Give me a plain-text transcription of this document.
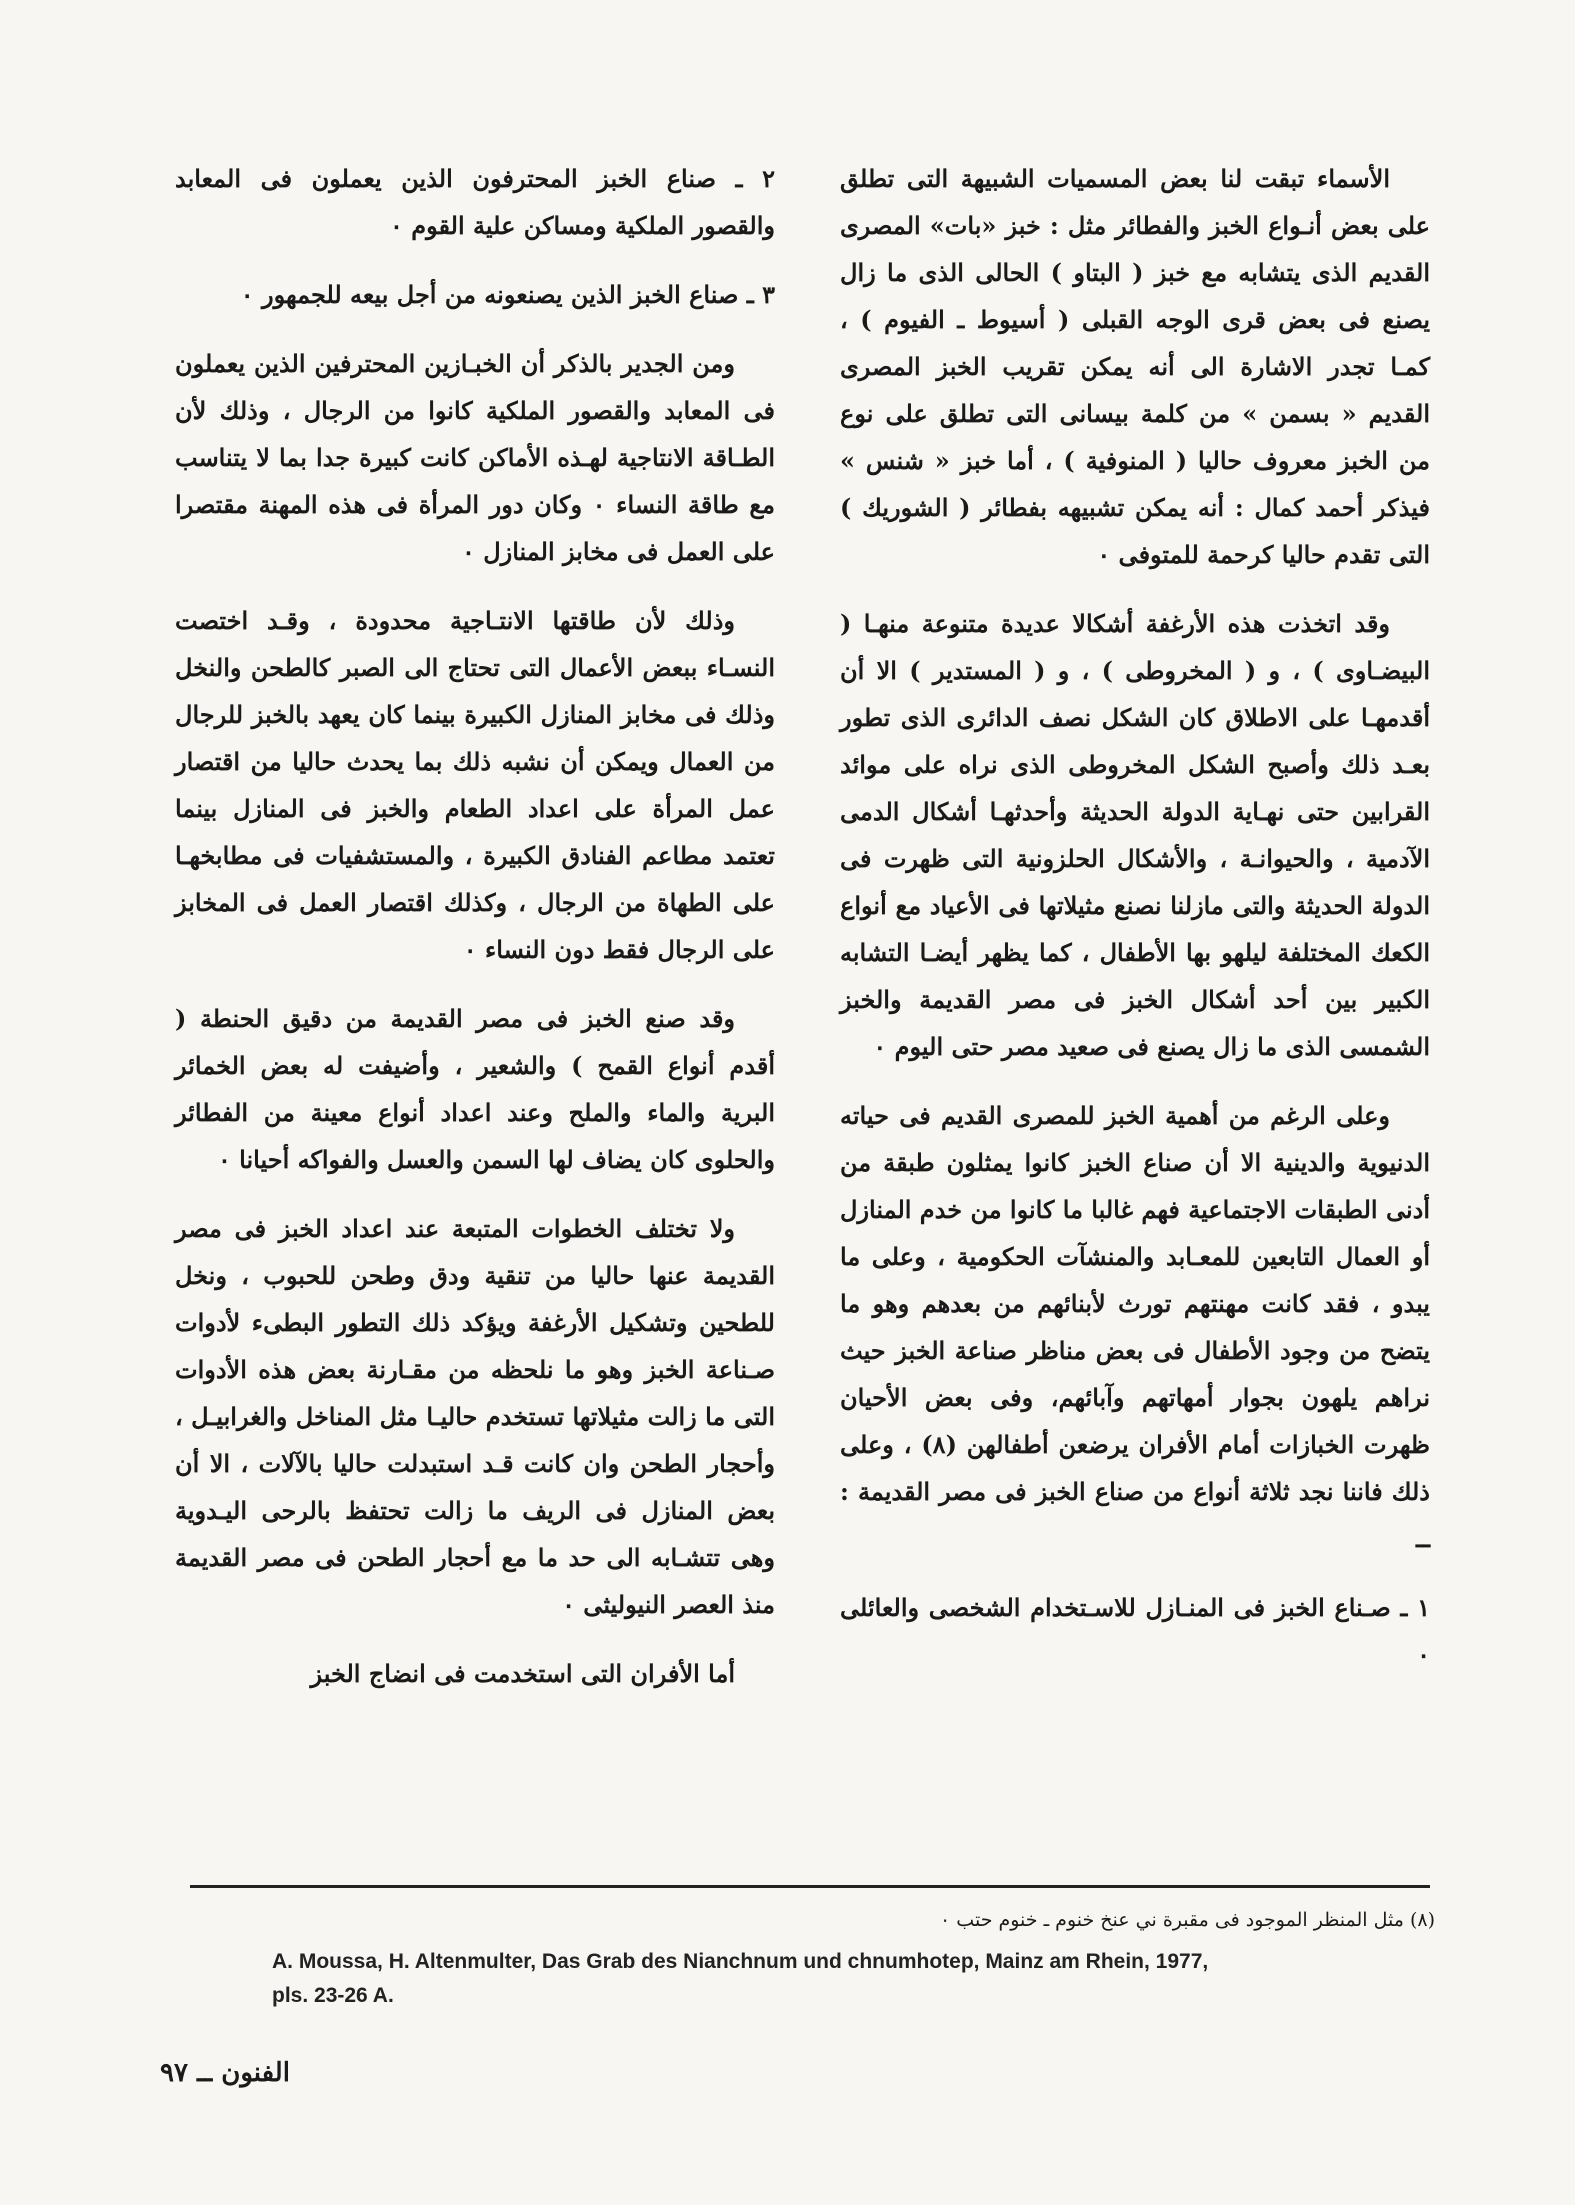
الأسماء تبقت لنا بعض المسميات الشبيهة التى تطلق على بعض أنـواع الخبز والفطائر مثل : خبز «بات» المصرى القديم الذى يتشابه مع خبز ( البتاو ) الحالى الذى ما زال يصنع فى بعض قرى الوجه القبلى ( أسيوط ـ الفيوم ) ، كمـا تجدر الاشارة الى أنه يمكن تقريب الخبز المصرى القديم « بسمن » من كلمة بيسانى التى تطلق على نوع من الخبز معروف حاليا ( المنوفية ) ، أما خبز « شنس » فيذكر أحمد كمال : أنه يمكن تشبيهه بفطائر ( الشوريك ) التى تقدم حاليا كرحمة للمتوفى ٠

وقد اتخذت هذه الأرغفة أشكالا عديدة متنوعة منهـا ( البيضـاوى ) ، و ( المخروطى ) ، و ( المستدير ) الا أن أقدمهـا على الاطلاق كان الشكل نصف الدائرى الذى تطور بعـد ذلك وأصبح الشكل المخروطى الذى نراه على موائد القرابين حتى نهـاية الدولة الحديثة وأحدثهـا أشكال الدمى الآدمية ، والحيوانـة ، والأشكال الحلزونية التى ظهرت فى الدولة الحديثة والتى مازلنا نصنع مثيلاتها فى الأعياد مع أنواع الكعك المختلفة ليلهو بها الأطفال ، كما يظهر أيضـا التشابه الكبير بين أحد أشكال الخبز فى مصر القديمة والخبز الشمسى الذى ما زال يصنع فى صعيد مصر حتى اليوم ٠

وعلى الرغم من أهمية الخبز للمصرى القديم فى حياته الدنيوية والدينية الا أن صناع الخبز كانوا يمثلون طبقة من أدنى الطبقات الاجتماعية فهم غالبا ما كانوا من خدم المنازل أو العمال التابعين للمعـابد والمنشآت الحكومية ، وعلى ما يبدو ، فقد كانت مهنتهم تورث لأبنائهم من بعدهم وهو ما يتضح من وجود الأطفال فى بعض مناظر صناعة الخبز حيث نراهم يلهون بجوار أمهاتهم وآبائهم، وفى بعض الأحيان ظهرت الخبازات أمام الأفران يرضعن أطفالهن (٨) ، وعلى ذلك فاننا نجد ثلاثة أنواع من صناع الخبز فى مصر القديمة : ــ

١ ـ صـناع الخبز فى المنـازل للاسـتخدام الشخصى والعائلى ٠

٢ ـ صناع الخبز المحترفون الذين يعملون فى المعابد والقصور الملكية ومساكن علية القوم ٠

٣ ـ صناع الخبز الذين يصنعونه من أجل بيعه للجمهور ٠

ومن الجدير بالذكر أن الخبـازين المحترفين الذين يعملون فى المعابد والقصور الملكية كانوا من الرجال ، وذلك لأن الطـاقة الانتاجية لهـذه الأماكن كانت كبيرة جدا بما لا يتناسب مع طاقة النساء ٠ وكان دور المرأة فى هذه المهنة مقتصرا على العمل فى مخابز المنازل ٠

وذلك لأن طاقتها الانتـاجية محدودة ، وقـد اختصت النسـاء ببعض الأعمال التى تحتاج الى الصبر كالطحن والنخل وذلك فى مخابز المنازل الكبيرة بينما كان يعهد بالخبز للرجال من العمال ويمكن أن نشبه ذلك بما يحدث حاليا من اقتصار عمل المرأة على اعداد الطعام والخبز فى المنازل بينما تعتمد مطاعم الفنادق الكبيرة ، والمستشفيات فى مطابخهـا على الطهاة من الرجال ، وكذلك اقتصار العمل فى المخابز على الرجال فقط دون النساء ٠

وقد صنع الخبز فى مصر القديمة من دقيق الحنطة ( أقدم أنواع القمح ) والشعير ، وأضيفت له بعض الخمائر البرية والماء والملح وعند اعداد أنواع معينة من الفطائر والحلوى كان يضاف لها السمن والعسل والفواكه أحيانا ٠

ولا تختلف الخطوات المتبعة عند اعداد الخبز فى مصر القديمة عنها حاليا من تنقية ودق وطحن للحبوب ، ونخل للطحين وتشكيل الأرغفة ويؤكد ذلك التطور البطىء لأدوات صـناعة الخبز وهو ما نلحظه من مقـارنة بعض هذه الأدوات التى ما زالت مثيلاتها تستخدم حاليـا مثل المناخل والغرابيـل ، وأحجار الطحن وان كانت قـد استبدلت حاليا بالآلات ، الا أن بعض المنازل فى الريف ما زالت تحتفظ بالرحى اليـدوية وهى تتشـابه الى حد ما مع أحجار الطحن فى مصر القديمة منذ العصر النيوليثى ٠

أما الأفران التى استخدمت فى انضاج الخبز

(٨) مثل المنظر الموجود فى مقبرة ني عنخ خنوم ـ خنوم حتب ٠
A. Moussa, H. Altenmulter, Das Grab des Nianchnum und chnumhotep, Mainz am Rhein, 1977,
pls. 23-26 A.
الفنون ــ ٩٧
